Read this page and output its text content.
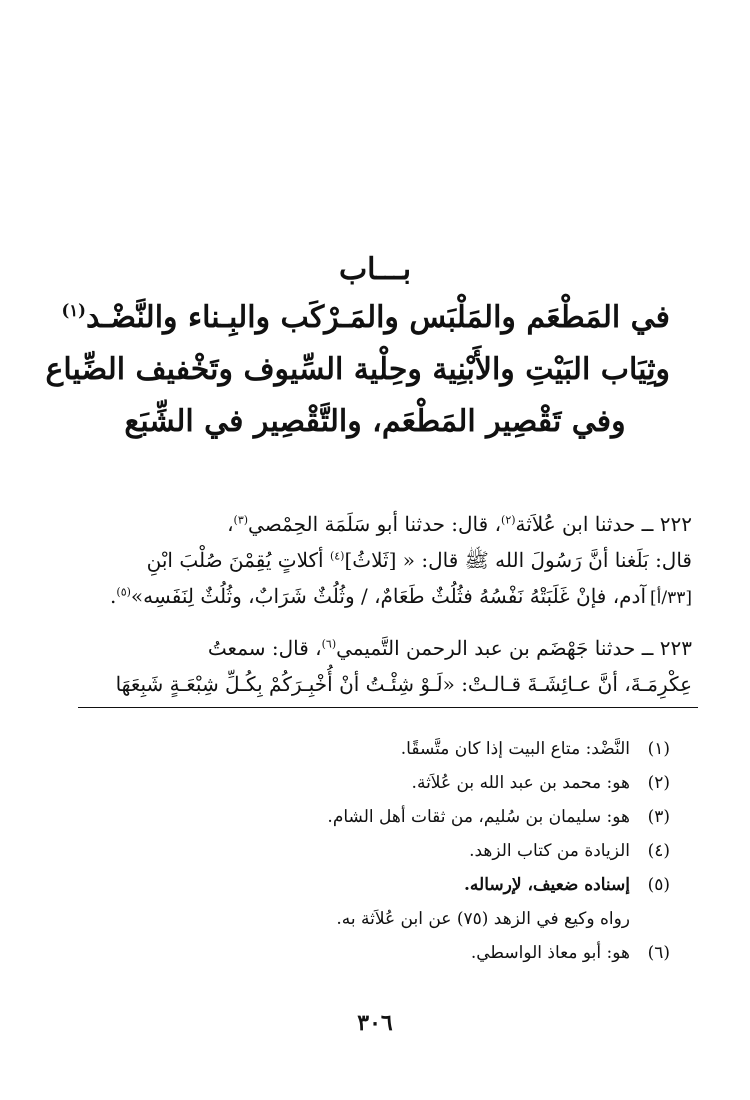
بـــاب

في المَطْعَم والمَلْبَس والمَـرْكَب والبِـناء والنَّضْـد$^{(١)}$

وثِيَاب البَيْتِ والأَبْنِية وحِلْية السِّيوف وتَخْفيف الضِّياع

وفي تَقْصِير المَطْعَم، والتَّقْصِير في الشِّبَع

٢٢٢ ــ حدثنا ابن عُلاَثة$^{(٢)}$، قال: حدثنا أبو سَلَمَة الحِمْصي$^{(٣)}$،

قال: بَلَغنا أنَّ رَسُولَ الله ﷺ قال: « [ثَلاثُ]$^{(٤)}$ أكلاتٍ يُقِمْنَ صُلْبَ ابْنِ

[٣٣/أ]آدم، فإنْ غَلَبَتْهُ نَفْسُهُ فثُلُثٌ طَعَامٌ، / وثُلُثٌ شَرَابٌ، وثُلُثٌ لِنَفَسِه»$^{(٥)}$.

٢٢٣ ــ حدثنا جَهْضَم بن عبد الرحمن التَّميمي$^{(٦)}$، قال: سمعتُ

عِكْرِمَـةَ، أنَّ عـائِشَـةَ قـالـتْ: «لَـوْ شِئْـتُ أنْ أُخْبِـرَكُمْ بِكُـلِّ شِبْعَـةٍ شَبِعَهَا

(١)
النَّضْد: متاع البيت إذا كان متَّسقًا.
(٢)
هو: محمد بن عبد الله بن عُلاَثة.
(٣)
هو: سليمان بن سُليم، من ثقات أهل الشام.
(٤)
الزيادة من كتاب الزهد.
(٥)
إسناده ضعيف، لإرساله.
رواه وكيع في الزهد (٧٥) عن ابن عُلاَثة به.
(٦)
هو: أبو معاذ الواسطي.
٣٠٦
